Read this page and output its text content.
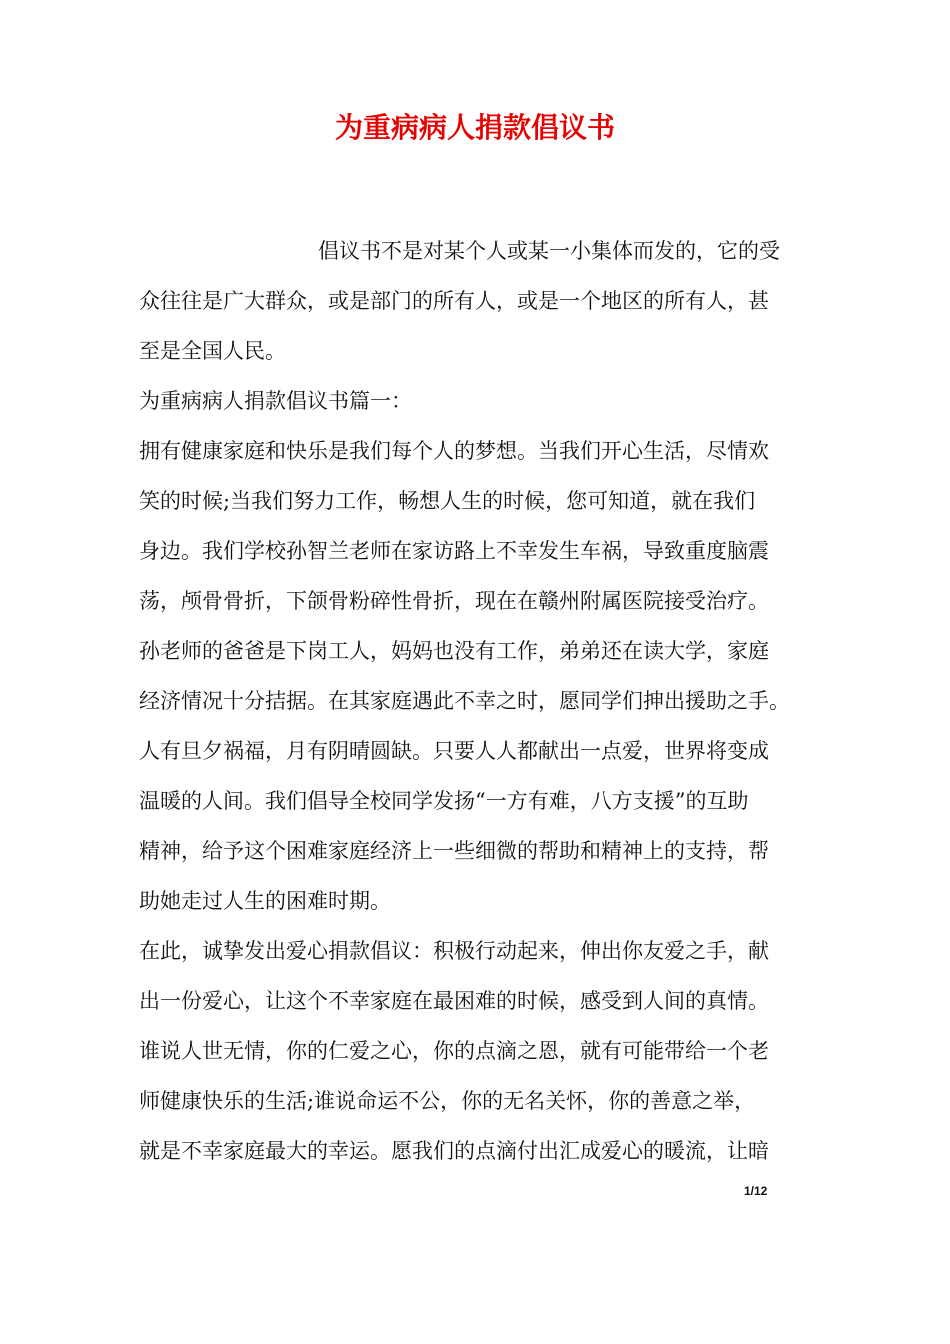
为重病病人捐款倡议书

倡议书不是对某个人或某一小集体而发的，它的受

众往往是广大群众，或是部门的所有人，或是一个地区的所有人，甚

至是全国人民。

为重病病人捐款倡议书篇一：

拥有健康家庭和快乐是我们每个人的梦想。当我们开心生活，尽情欢

笑的时候;当我们努力工作，畅想人生的时候，您可知道，就在我们

身边。我们学校孙智兰老师在家访路上不幸发生车祸，导致重度脑震

荡，颅骨骨折，下颌骨粉碎性骨折，现在在赣州附属医院接受治疗。

孙老师的爸爸是下岗工人，妈妈也没有工作，弟弟还在读大学，家庭

经济情况十分拮据。在其家庭遇此不幸之时，愿同学们抻出援助之手。

人有旦夕祸福，月有阴晴圆缺。只要人人都献出一点爱，世界将变成

温暖的人间。我们倡导全校同学发扬“一方有难，八方支援”的互助

精神，给予这个困难家庭经济上一些细微的帮助和精神上的支持，帮

助她走过人生的困难时期。

在此，诚挚发出爱心捐款倡议：积极行动起来，伸出你友爱之手，献

出一份爱心，让这个不幸家庭在最困难的时候，感受到人间的真情。

谁说人世无情，你的仁爱之心，你的点滴之恩，就有可能带给一个老

师健康快乐的生活;谁说命运不公，你的无名关怀，你的善意之举，

就是不幸家庭最大的幸运。愿我们的点滴付出汇成爱心的暖流，让暗

1/12
